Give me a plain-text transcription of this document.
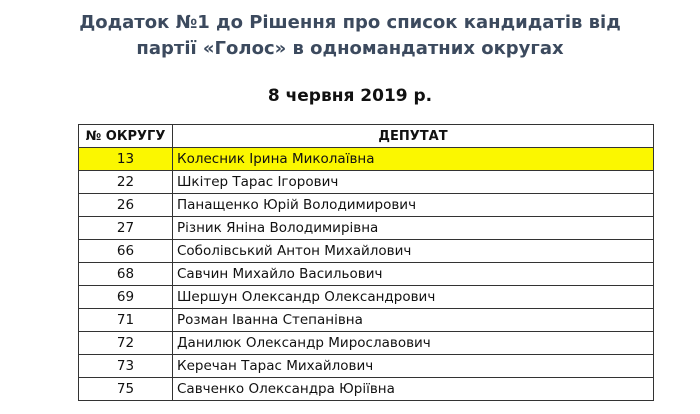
Додаток №1 до Рішення про список кандидатів від
партії «Голос» в одномандатних округах
8 червня 2019 р.
№ ОКРУГУ	ДЕПУТАТ
13	Колесник Ірина Миколаївна
22	Шкітер Тарас Ігорович
26	Панащенко Юрій Володимирович
27	Різник Яніна Володимирівна
66	Соболівський Антон Михайлович
68	Савчин Михайло Васильович
69	Шершун Олександр Олександрович
71	Розман Іванна Степанівна
72	Данилюк Олександр Мирославович
73	Керечан Тарас Михайлович
75	Савченко Олександра Юріївна
